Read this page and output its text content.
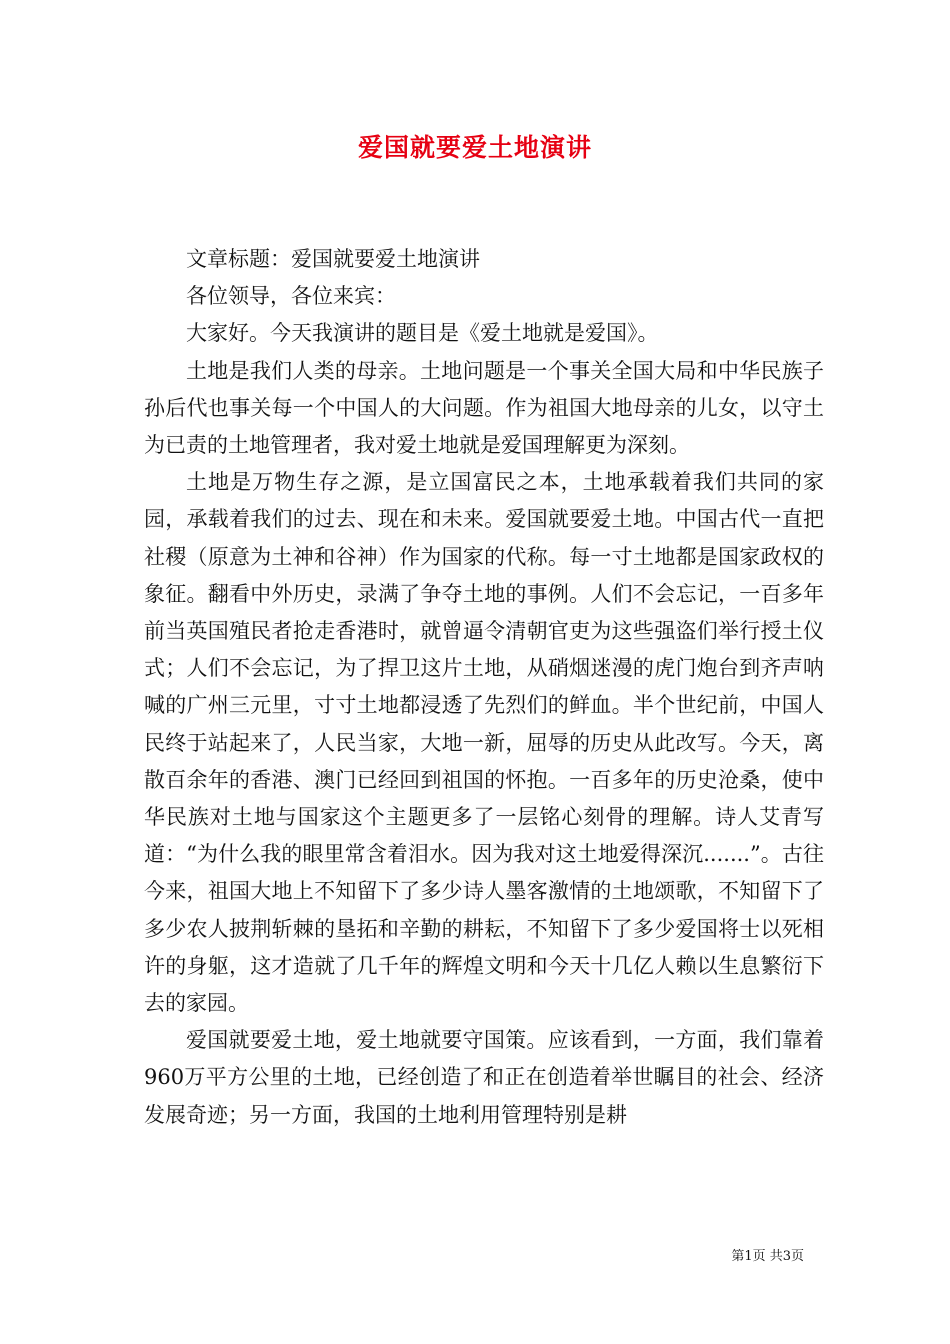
爱国就要爱土地演讲

文章标题：爱国就要爱土地演讲

各位领导，各位来宾：

大家好。今天我演讲的题目是《爱土地就是爱国》。

土地是我们人类的母亲。土地问题是一个事关全国大局和中华民族子孙后代也事关每一个中国人的大问题。作为祖国大地母亲的儿女，以守土为已责的土地管理者，我对爱土地就是爱国理解更为深刻。

土地是万物生存之源，是立国富民之本，土地承载着我们共同的家园，承载着我们的过去、现在和未来。爱国就要爱土地。中国古代一直把社稷（原意为土神和谷神）作为国家的代称。每一寸土地都是国家政权的象征。翻看中外历史，录满了争夺土地的事例。人们不会忘记，一百多年前当英国殖民者抢走香港时，就曾逼令清朝官吏为这些强盗们举行授土仪式；人们不会忘记，为了捍卫这片土地，从硝烟迷漫的虎门炮台到齐声呐喊的广州三元里，寸寸土地都浸透了先烈们的鲜血。半个世纪前，中国人民终于站起来了，人民当家，大地一新，屈辱的历史从此改写。今天，离散百余年的香港、澳门已经回到祖国的怀抱。一百多年的历史沧桑，使中华民族对土地与国家这个主题更多了一层铭心刻骨的理解。诗人艾青写道：“为什么我的眼里常含着泪水。因为我对这土地爱得深沉.......”。古往今来，祖国大地上不知留下了多少诗人墨客激情的土地颂歌，不知留下了多少农人披荆斩棘的垦拓和辛勤的耕耘，不知留下了多少爱国将士以死相许的身躯，这才造就了几千年的辉煌文明和今天十几亿人赖以生息繁衍下去的家园。

爱国就要爱土地，爱土地就要守国策。应该看到，一方面，我们靠着960万平方公里的土地，已经创造了和正在创造着举世瞩目的社会、经济发展奇迹；另一方面，我国的土地利用管理特别是耕

第1页 共3页
